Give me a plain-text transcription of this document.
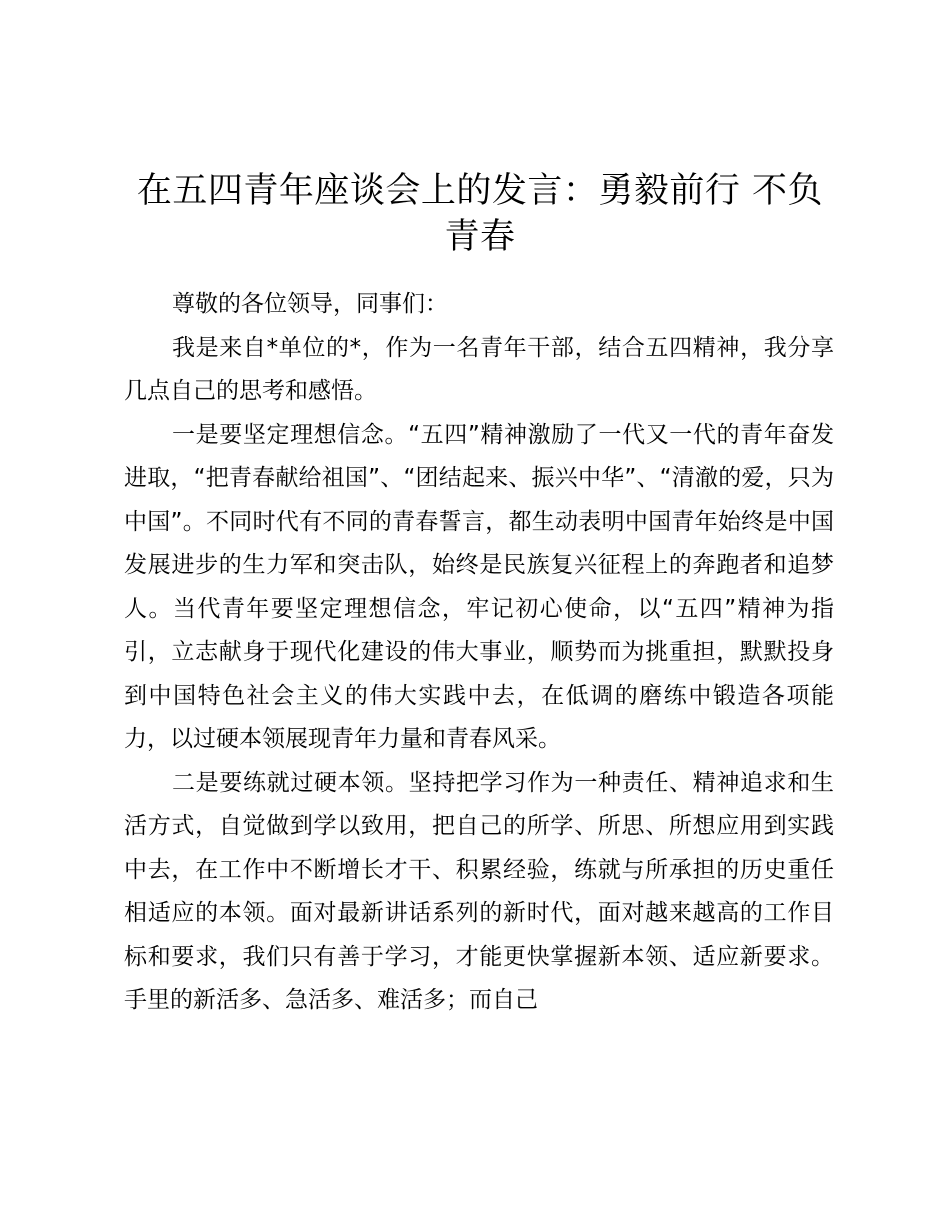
在五四青年座谈会上的发言：勇毅前行 不负青春

尊敬的各位领导，同事们：

我是来自*单位的*，作为一名青年干部，结合五四精神，我分享几点自己的思考和感悟。

一是要坚定理想信念。“五四”精神激励了一代又一代的青年奋发进取，“把青春献给祖国”、“团结起来、振兴中华”、“清澈的爱，只为中国”。不同时代有不同的青春誓言，都生动表明中国青年始终是中国发展进步的生力军和突击队，始终是民族复兴征程上的奔跑者和追梦人。当代青年要坚定理想信念，牢记初心使命，以“五四”精神为指引，立志献身于现代化建设的伟大事业，顺势而为挑重担，默默投身到中国特色社会主义的伟大实践中去，在低调的磨练中锻造各项能力，以过硬本领展现青年力量和青春风采。

二是要练就过硬本领。坚持把学习作为一种责任、精神追求和生活方式，自觉做到学以致用，把自己的所学、所思、所想应用到实践中去，在工作中不断增长才干、积累经验，练就与所承担的历史重任相适应的本领。面对最新讲话系列的新时代，面对越来越高的工作目标和要求，我们只有善于学习，才能更快掌握新本领、适应新要求。手里的新活多、急活多、难活多；而自己
